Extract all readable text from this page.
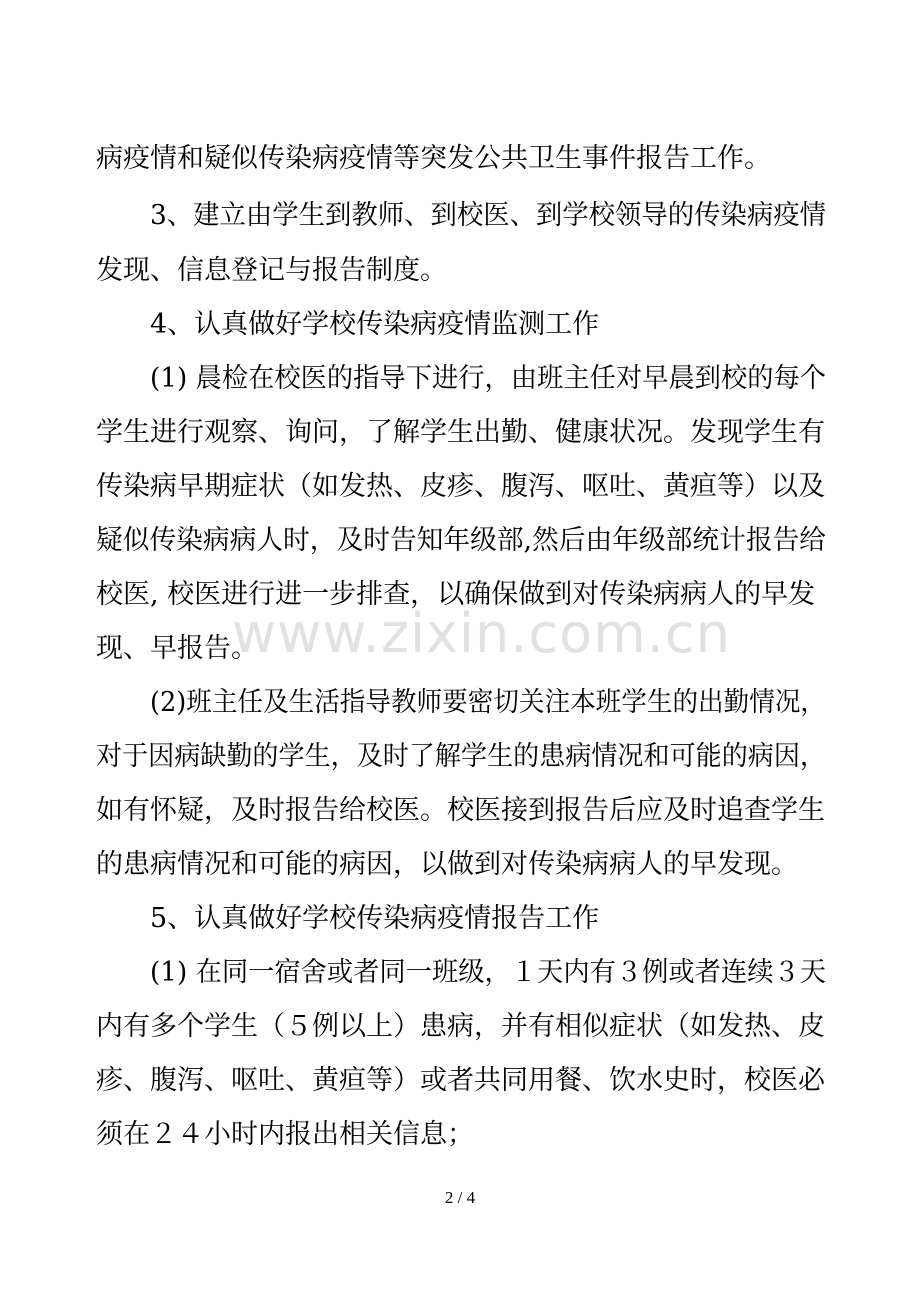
病疫情和疑似传染病疫情等突发公共卫生事件报告工作。
3、建立由学生到教师、到校医、到学校领导的传染病疫情
发现、信息登记与报告制度。
4、认真做好学校传染病疫情监测工作
(1) 晨检在校医的指导下进行，由班主任对早晨到校的每个
学生进行观察、询问，了解学生出勤、健康状况。发现学生有
传染病早期症状（如发热、皮疹、腹泻、呕吐、黄疸等）以及
疑似传染病病人时，及时告知年级部,然后由年级部统计报告给
校医, 校医进行进一步排查，以确保做到对传染病病人的早发
现、早报告。
(2)班主任及生活指导教师要密切关注本班学生的出勤情况，
对于因病缺勤的学生，及时了解学生的患病情况和可能的病因，
如有怀疑，及时报告给校医。校医接到报告后应及时追查学生
的患病情况和可能的病因，以做到对传染病病人的早发现。
5、认真做好学校传染病疫情报告工作
(1) 在同一宿舍或者同一班级，１天内有３例或者连续３天
内有多个学生（５例以上）患病，并有相似症状（如发热、皮
疹、腹泻、呕吐、黄疸等）或者共同用餐、饮水史时，校医必
须在２４小时内报出相关信息；
www.zixin.com.cn
2 / 4
